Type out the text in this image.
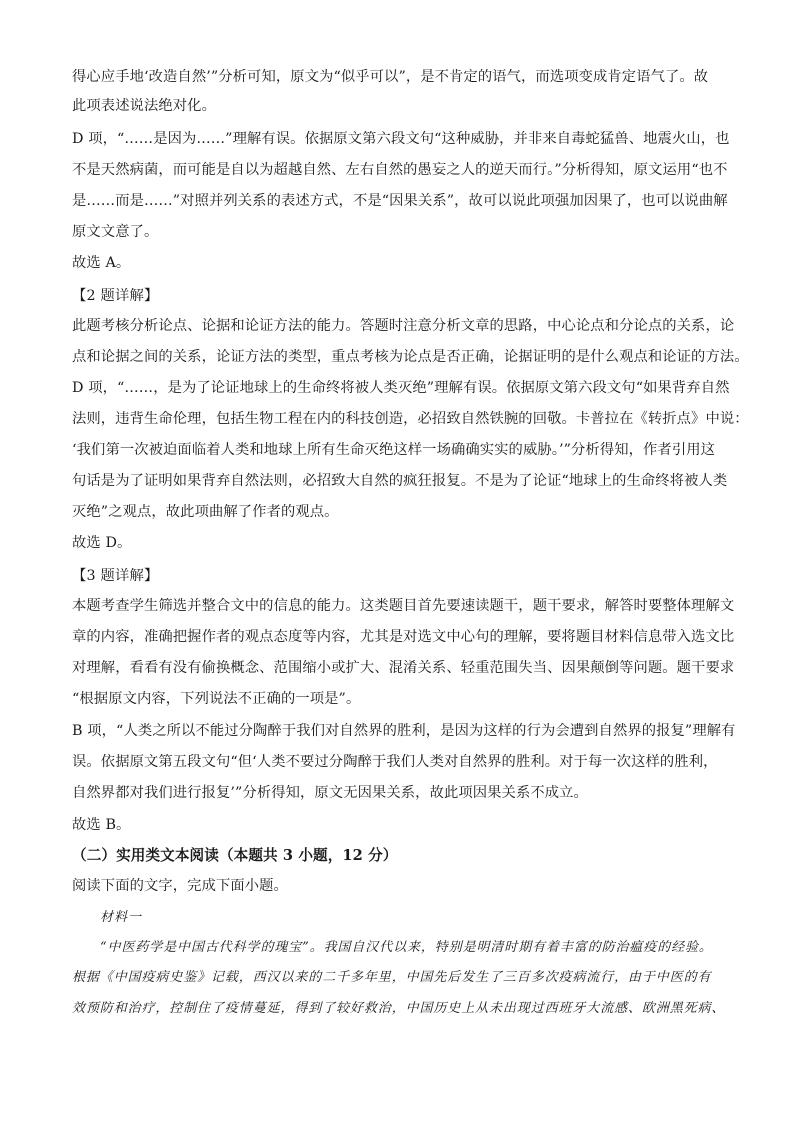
得心应手地‘改造自然’”分析可知，原文为“似乎可以”，是不肯定的语气，而选项变成肯定语气了。故
此项表述说法绝对化。
D 项，“……是因为……”理解有误。依据原文第六段文句“这种威胁，并非来自毒蛇猛兽、地震火山，也
不是天然病菌，而可能是自以为超越自然、左右自然的愚妄之人的逆天而行。”分析得知，原文运用“也不
是……而是……”对照并列关系的表述方式，不是“因果关系”，故可以说此项强加因果了，也可以说曲解
原文文意了。
故选 A。
【2 题详解】
此题考核分析论点、论据和论证方法的能力。答题时注意分析文章的思路，中心论点和分论点的关系，论
点和论据之间的关系，论证方法的类型，重点考核为论点是否正确，论据证明的是什么观点和论证的方法。
D 项，“……，是为了论证地球上的生命终将被人类灭绝”理解有误。依据原文第六段文句“如果背弃自然
法则，违背生命伦理，包括生物工程在内的科技创造，必招致自然铁腕的回敬。卡普拉在《转折点》中说：
‘我们第一次被迫面临着人类和地球上所有生命灭绝这样一场确确实实的威胁。’”分析得知，作者引用这
句话是为了证明如果背弃自然法则，必招致大自然的疯狂报复。不是为了论证“地球上的生命终将被人类
灭绝”之观点，故此项曲解了作者的观点。
故选 D。
【3 题详解】
本题考查学生筛选并整合文中的信息的能力。这类题目首先要速读题干，题干要求，解答时要整体理解文
章的内容，准确把握作者的观点态度等内容，尤其是对选文中心句的理解，要将题目材料信息带入选文比
对理解，看看有没有偷换概念、范围缩小或扩大、混淆关系、轻重范围失当、因果颠倒等问题。题干要求
“根据原文内容，下列说法不正确的一项是”。
B 项，“人类之所以不能过分陶醉于我们对自然界的胜利，是因为这样的行为会遭到自然界的报复”理解有
误。依据原文第五段文句“但‘人类不要过分陶醉于我们人类对自然界的胜利。对于每一次这样的胜利，
自然界都对我们进行报复’”分析得知，原文无因果关系，故此项因果关系不成立。
故选 B。
（二）实用类文本阅读（本题共 3 小题，12 分）
阅读下面的文字，完成下面小题。
材料一
“中医药学是中国古代科学的瑰宝”。我国自汉代以来，特别是明清时期有着丰富的防治瘟疫的经验。
根据《中国疫病史鉴》记载，西汉以来的二千多年里，中国先后发生了三百多次疫病流行，由于中医的有
效预防和治疗，控制住了疫情蔓延，得到了较好救治，中国历史上从未出现过西班牙大流感、欧洲黑死病、
